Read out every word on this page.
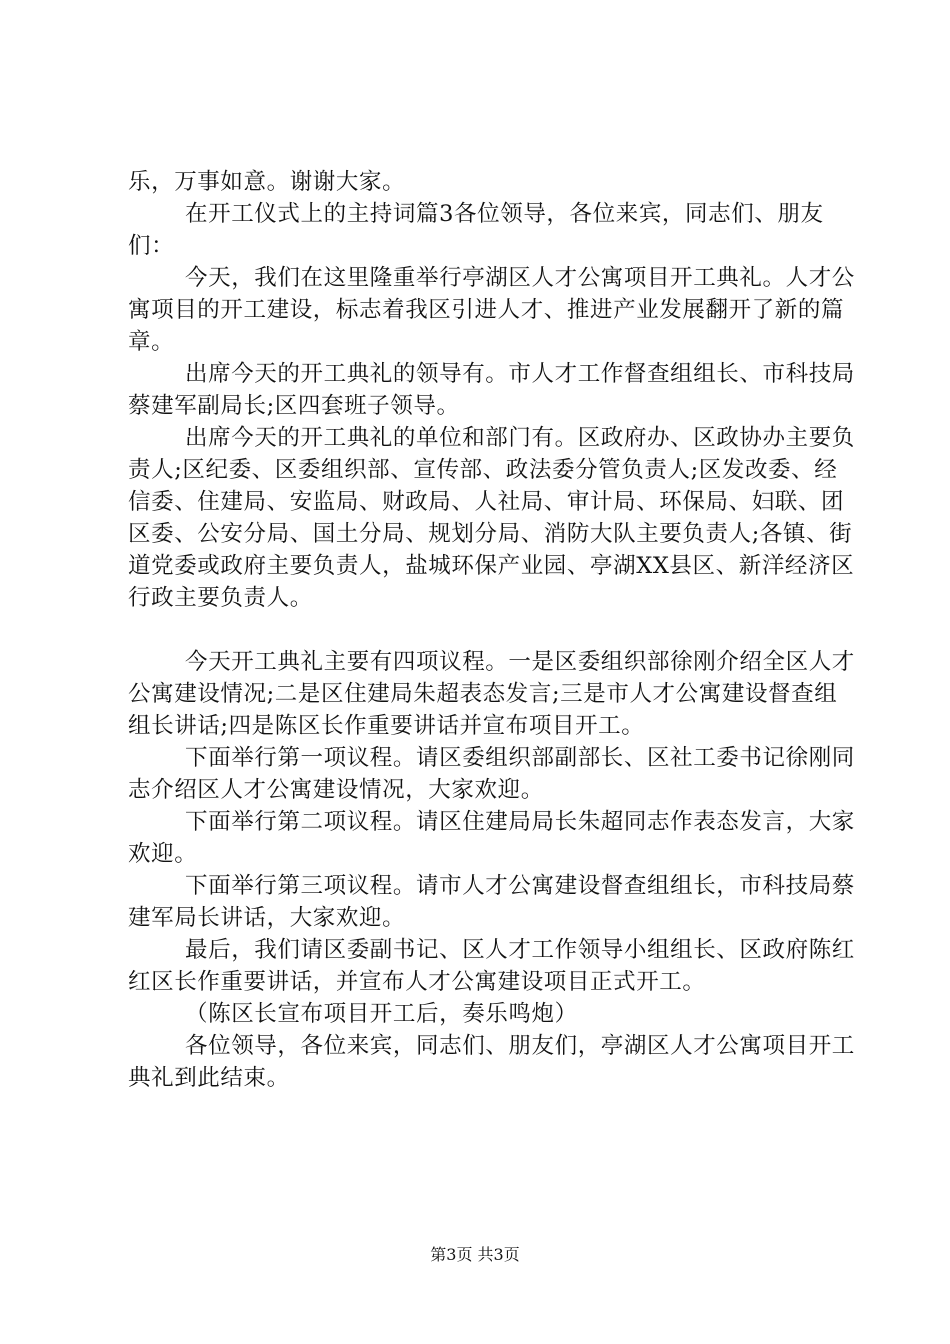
乐，万事如意。谢谢大家。

在开工仪式上的主持词篇3各位领导，各位来宾，同志们、朋友们：

今天，我们在这里隆重举行亭湖区人才公寓项目开工典礼。人才公寓项目的开工建设，标志着我区引进人才、推进产业发展翻开了新的篇章。

出席今天的开工典礼的领导有。市人才工作督查组组长、市科技局蔡建军副局长;区四套班子领导。

出席今天的开工典礼的单位和部门有。区政府办、区政协办主要负责人;区纪委、区委组织部、宣传部、政法委分管负责人;区发改委、经信委、住建局、安监局、财政局、人社局、审计局、环保局、妇联、团区委、公安分局、国土分局、规划分局、消防大队主要负责人;各镇、街道党委或政府主要负责人，盐城环保产业园、亭湖XX县区、新洋经济区行政主要负责人。

今天开工典礼主要有四项议程。一是区委组织部徐刚介绍全区人才公寓建设情况;二是区住建局朱超表态发言;三是市人才公寓建设督查组组长讲话;四是陈区长作重要讲话并宣布项目开工。

下面举行第一项议程。请区委组织部副部长、区社工委书记徐刚同志介绍区人才公寓建设情况，大家欢迎。

下面举行第二项议程。请区住建局局长朱超同志作表态发言，大家欢迎。

下面举行第三项议程。请市人才公寓建设督查组组长，市科技局蔡建军局长讲话，大家欢迎。

最后，我们请区委副书记、区人才工作领导小组组长、区政府陈红红区长作重要讲话，并宣布人才公寓建设项目正式开工。

（陈区长宣布项目开工后，奏乐鸣炮）

各位领导，各位来宾，同志们、朋友们，亭湖区人才公寓项目开工典礼到此结束。

第3页 共3页
